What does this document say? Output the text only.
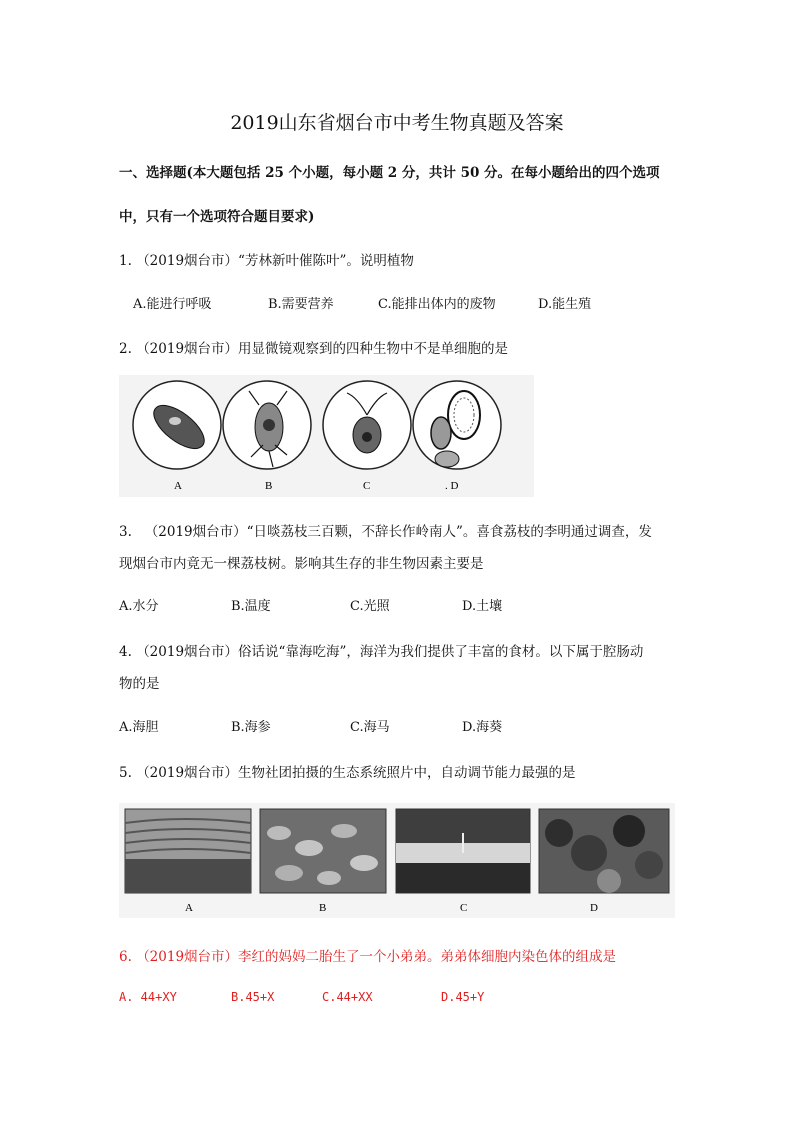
2019山东省烟台市中考生物真题及答案
一、选择题(本大题包括 25 个小题，每小题 2 分，共计 50 分。在每小题给出的四个选项
中，只有一个选项符合题目要求)
1. （2019烟台市）“芳林新叶催陈叶”。说明植物
A.能进行呼吸	B.需要营养	C.能排出体内的废物	D.能生殖
2. （2019烟台市）用显微镜观察到的四种生物中不是单细胞的是
A	B	C	. D
3. （2019烟台市）“日啖荔枝三百颗，不辞长作岭南人”。喜食荔枝的李明通过调查，发
现烟台市内竟无一棵荔枝树。影响其生存的非生物因素主要是
A.水分	B.温度	C.光照	D.土壤
4. （2019烟台市）俗话说“靠海吃海”，海洋为我们提供了丰富的食材。以下属于腔肠动
物的是
A.海胆	B.海参	C.海马	D.海葵
5. （2019烟台市）生物社团拍摄的生态系统照片中，自动调节能力最强的是
A	B	C	D
6. （2019烟台市）李红的妈妈二胎生了一个小弟弟。弟弟体细胞内染色体的组成是
A. 44+XY	B.45+X	C.44+XX	D.45+Y
